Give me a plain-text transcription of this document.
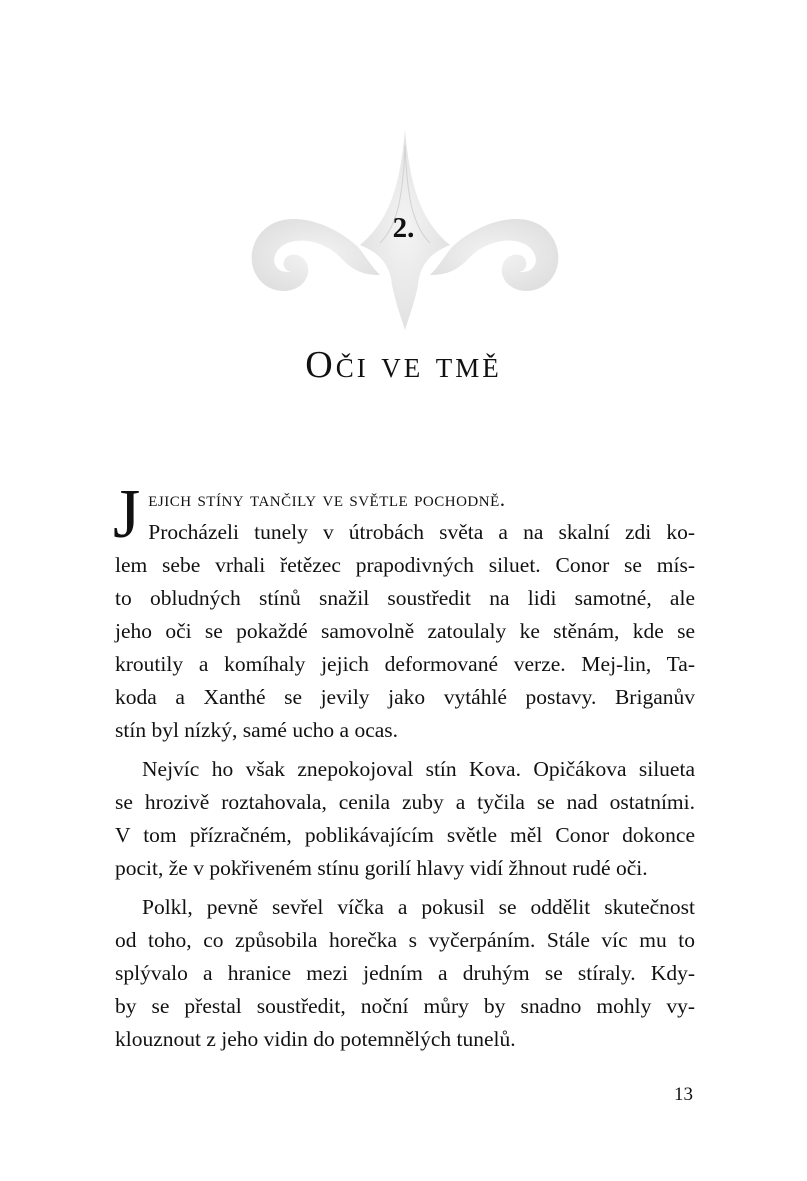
2.
Oči ve tmě
J ejich stíny tančily ve světle pochodně.
Procházeli tunely v útrobách světa a na skalní zdi ko-
lem sebe vrhali řetězec prapodivných siluet. Conor se mís-
to obludných stínů snažil soustředit na lidi samotné, ale
jeho oči se pokaždé samovolně zatoulaly ke stěnám, kde se
kroutily a komíhaly jejich deformované verze. Mej-lin, Ta-
koda a Xanthé se jevily jako vytáhlé postavy. Briganův
stín byl nízký, samé ucho a ocas.
Nejvíc ho však znepokojoval stín Kova. Opičákova silueta
se hrozivě roztahovala, cenila zuby a tyčila se nad ostatními.
V tom přízračném, poblikávajícím světle měl Conor dokonce
pocit, že v pokřiveném stínu gorilí hlavy vidí žhnout rudé oči.
Polkl, pevně sevřel víčka a pokusil se oddělit skutečnost
od toho, co způsobila horečka s vyčerpáním. Stále víc mu to
splývalo a hranice mezi jedním a druhým se stíraly. Kdy-
by se přestal soustředit, noční můry by snadno mohly vy-
klouznout z jeho vidin do potemnělých tunelů.
13
